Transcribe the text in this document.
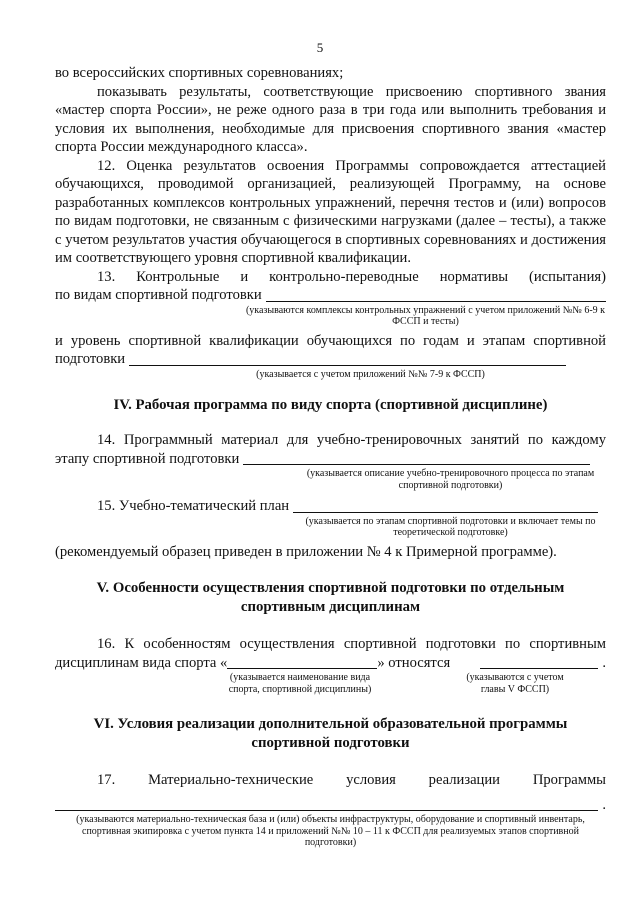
5

во всероссийских спортивных соревнованиях;

показывать результаты, соответствующие присвоению спортивного звания «мастер спорта России», не реже одного раза в три года или выполнить требования и условия их выполнения, необходимые для присвоения спортивного звания «мастер спорта России международного класса».

12. Оценка результатов освоения Программы сопровождается аттестацией обучающихся, проводимой организацией, реализующей Программу, на основе разработанных комплексов контрольных упражнений, перечня тестов и (или) вопросов по видам подготовки, не связанным с физическими нагрузками (далее – тесты), а также с учетом результатов участия обучающегося в спортивных соревнованиях и достижения им соответствующего уровня спортивной квалификации.

13. Контрольные и контрольно-переводные нормативы (испытания)

по видам спортивной подготовки
(указываются комплексы контрольных упражнений с учетом приложений №№ 6-9 к ФССП и тесты)

и уровень спортивной квалификации обучающихся по годам и этапам спортивной

подготовки
(указывается с учетом приложений №№ 7-9 к ФССП)
IV. Рабочая программа по виду спорта (спортивной дисциплине)

14. Программный материал для учебно-тренировочных занятий по каждому

этапу спортивной подготовки
(указывается описание учебно-тренировочного процесса по этапам спортивной подготовки)
15. Учебно-тематический план
(указывается по этапам спортивной подготовки и включает темы по теоретической подготовке)

(рекомендуемый образец приведен в приложении № 4 к Примерной программе).

V. Особенности осуществления спортивной подготовки по отдельным спортивным дисциплинам

16. К особенностям осуществления спортивной подготовки по спортивным

дисциплинам вида спорта «	» относятся	.
(указывается наименование вида спорта, спортивной дисциплины)
(указываются с учетом главы V ФССП)
VI. Условия реализации дополнительной образовательной программы спортивной подготовки

17. Материально-технические условия реализации Программы

.
(указываются материально-техническая база и (или) объекты инфраструктуры, оборудование и спортивный инвентарь, спортивная экипировка с учетом пункта 14 и приложений №№ 10 – 11 к ФССП для реализуемых этапов спортивной подготовки)
